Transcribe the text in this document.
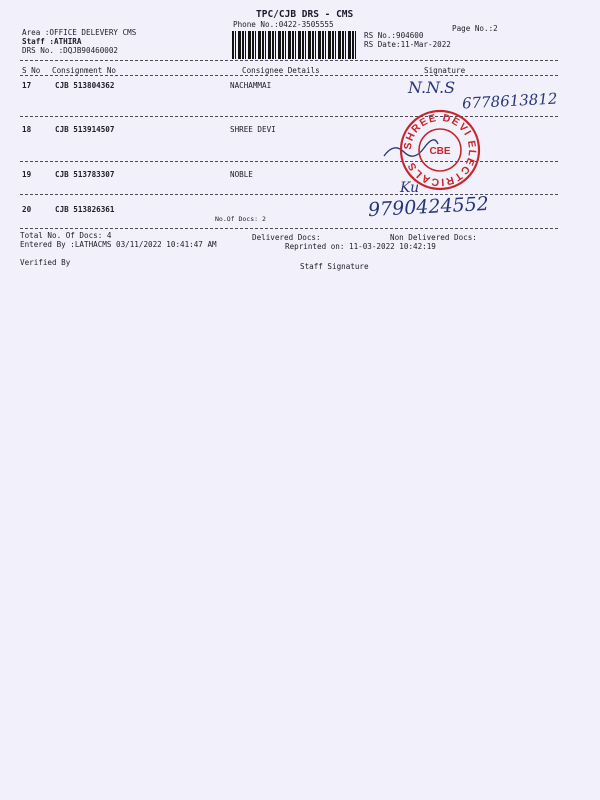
TPC/CJB DRS - CMS
Phone No.:0422-3505555	Page No.:2
Area :OFFICE DELEVERY CMS
Staff :ATHIRA
DRS No. :DQJB90460002
RS No.:904600
RS Date:11-Mar-2022
S No Consignment No	Consignee Details	Signature
17	CJB 513804362	NACHAMMAI
18	CJB 513914507	SHREE DEVI
19	CJB 513783307	NOBLE
20	CJB 513826361
No.Of Docs: 2
Total No. Of Docs: 4	Delivered Docs:	Non Delivered Docs:
Entered By :LATHACMS 03/11/2022 10:41:47 AM	Reprinted on: 11-03-2022 10:42:19
Verified By	Staff Signature
N.N.S
6778613812
Ku
9790424552
SHREE DEVI ELECTRICALS
CBE
